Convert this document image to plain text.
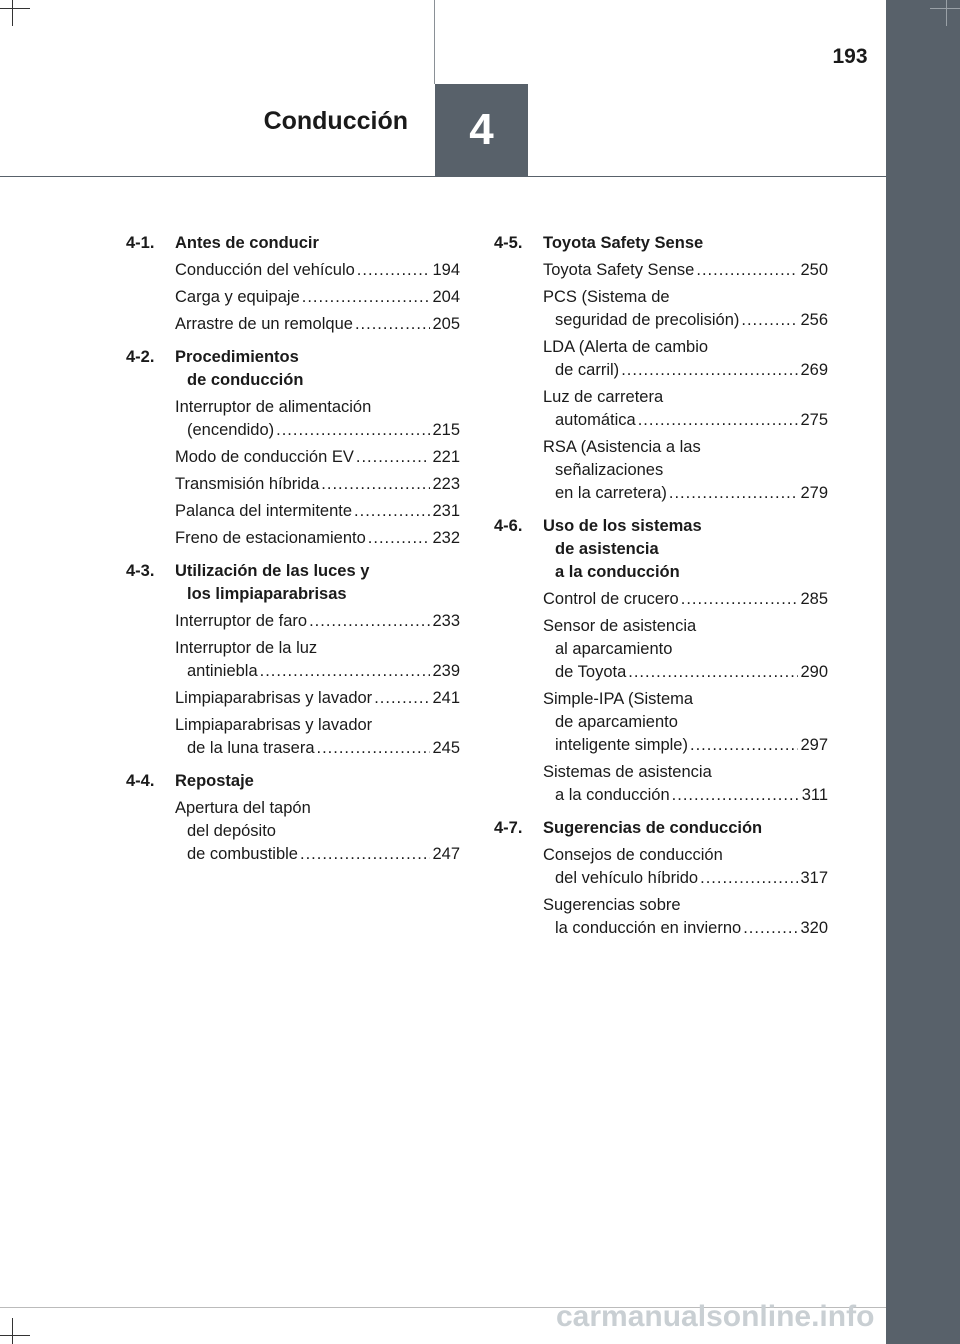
Conducción 4
193
4-1.	Antes de conducir
Conducción del vehículo .....	194
Carga y equipaje .....	204
Arrastre de un remolque .....	205
4-2.	Procedimientos
de conducción
Interruptor de alimentación
(encendido) .....	215
Modo de conducción EV .....	221
Transmisión híbrida .....	223
Palanca del intermitente .....	231
Freno de estacionamiento .....	232
4-3.	Utilización de las luces y
los limpiaparabrisas
Interruptor de faro .....	233
Interruptor de la luz
antiniebla .....	239
Limpiaparabrisas y lavador .....	241
Limpiaparabrisas y lavador
de la luna trasera .....	245
4-4.	Repostaje
Apertura del tapón
del depósito
de combustible .....	247
4-5.	Toyota Safety Sense
Toyota Safety Sense .....	250
PCS (Sistema de
seguridad de precolisión) .....	256
LDA (Alerta de cambio
de carril) .....	269
Luz de carretera
automática .....	275
RSA (Asistencia a las
señalizaciones
en la carretera) .....	279
4-6.	Uso de los sistemas
de asistencia
a la conducción
Control de crucero .....	285
Sensor de asistencia
al aparcamiento
de Toyota .....	290
Simple-IPA (Sistema
de aparcamiento
inteligente simple) .....	297
Sistemas de asistencia
a la conducción .....	311
4-7.	Sugerencias de conducción
Consejos de conducción
del vehículo híbrido .....	317
Sugerencias sobre
la conducción en invierno .....	320
carmanualsonline.info
